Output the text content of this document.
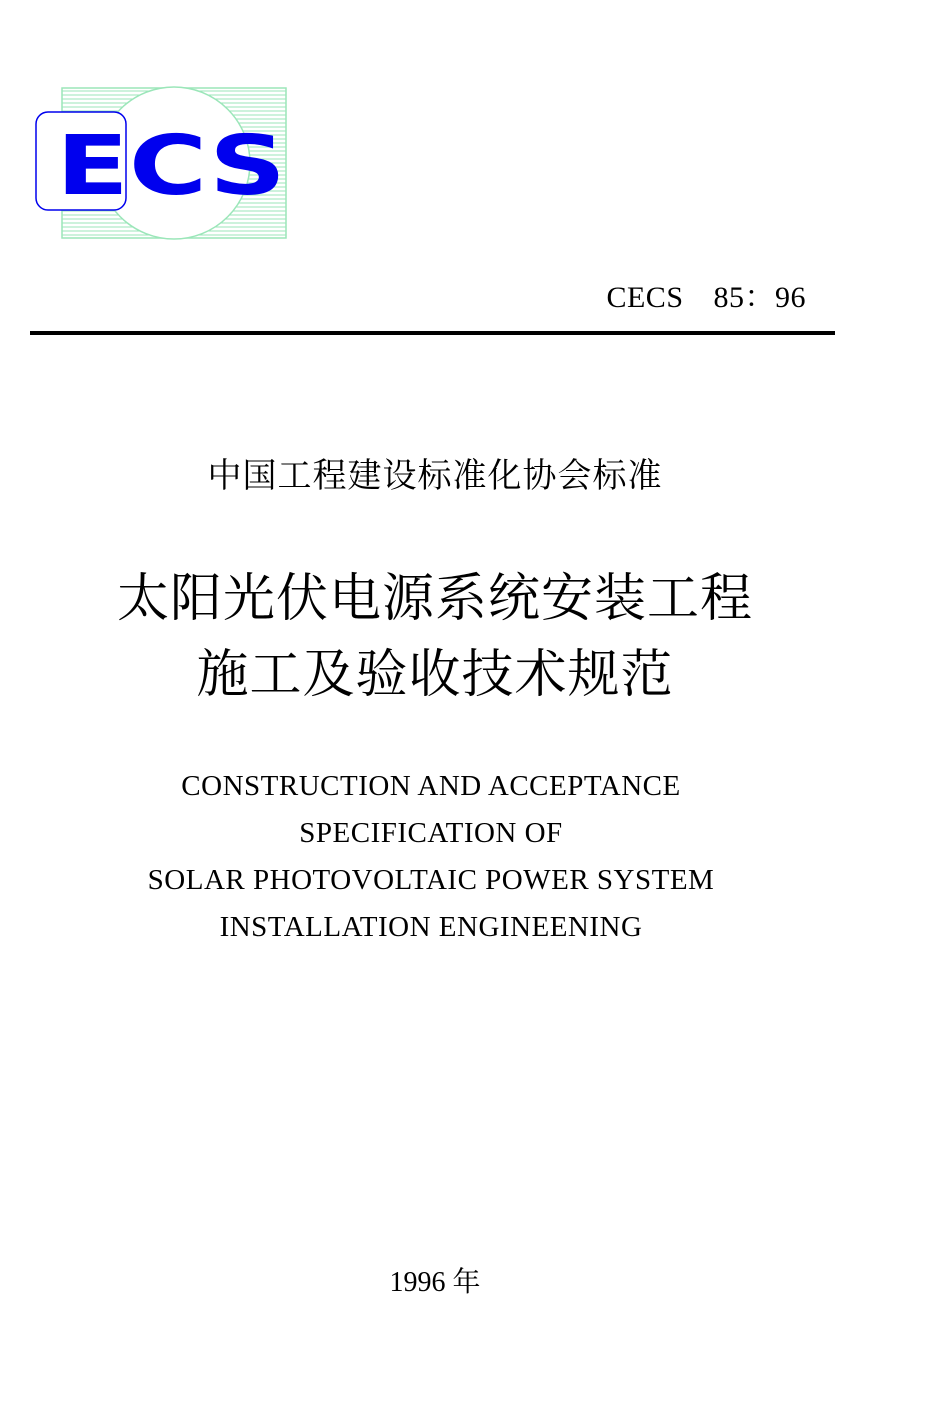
ECS
CECS 85：96
中国工程建设标准化协会标准
太阳光伏电源系统安装工程
施工及验收技术规范
CONSTRUCTION AND ACCEPTANCE
SPECIFICATION OF
SOLAR PHOTOVOLTAIC POWER SYSTEM
INSTALLATION ENGINEENING
1996 年
